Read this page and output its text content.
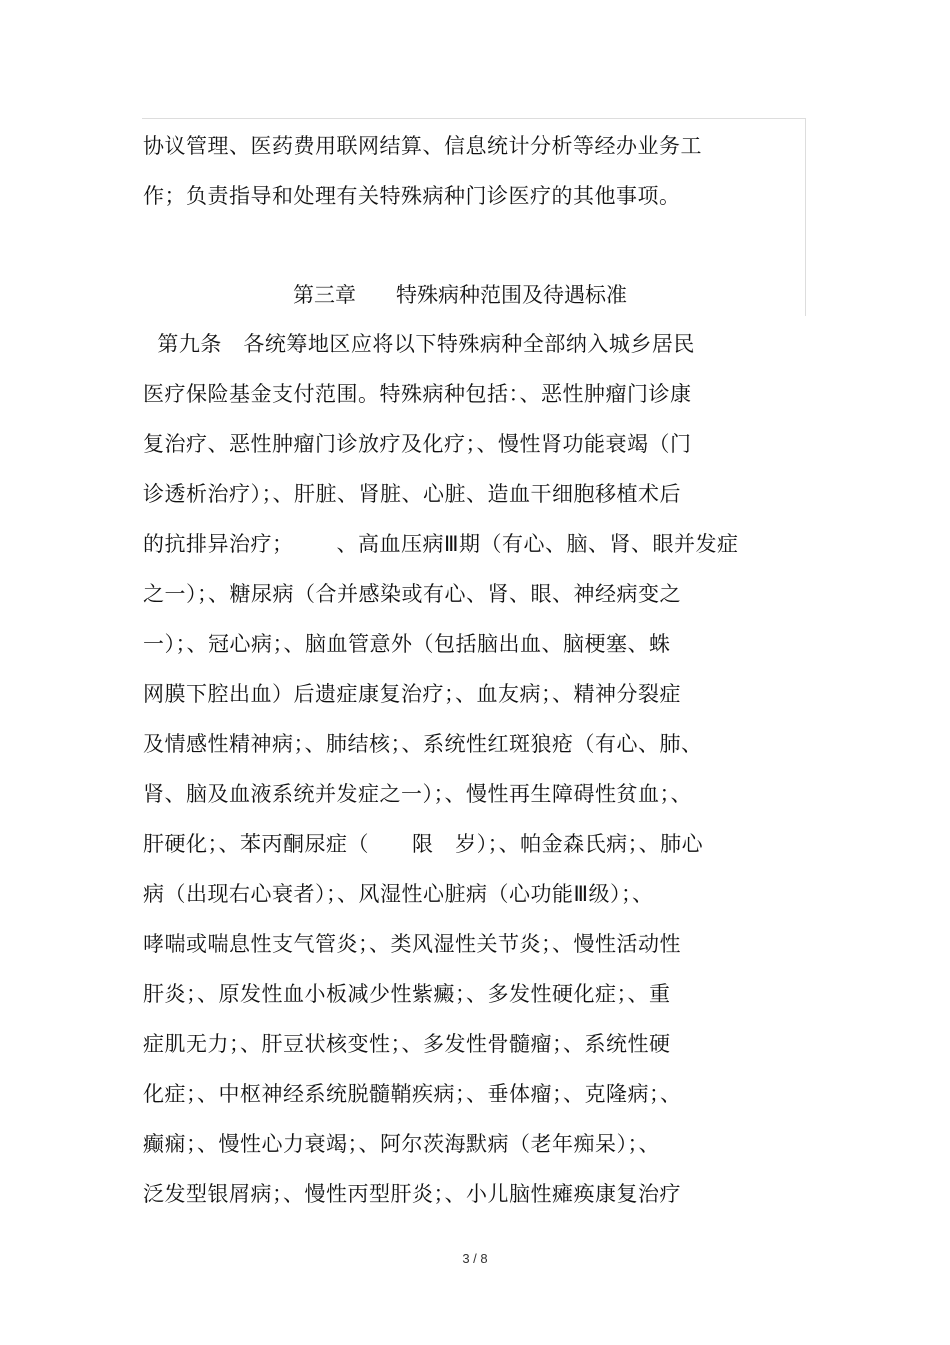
协议管理、医药费用联网结算、信息统计分析等经办业务工
作；负责指导和处理有关特殊病种门诊医疗的其他事项。
第三章      特殊病种范围及待遇标准
第九条   各统筹地区应将以下特殊病种全部纳入城乡居民
医疗保险基金支付范围。特殊病种包括：、恶性肿瘤门诊康
复治疗、恶性肿瘤门诊放疗及化疗；、慢性肾功能衰竭（门
诊透析治疗）；、肝脏、肾脏、心脏、造血干细胞移植术后
的抗排异治疗；      、高血压病Ⅲ期（有心、脑、肾、眼并发症
之一）；、糖尿病（合并感染或有心、肾、眼、神经病变之
一）；、冠心病；、脑血管意外（包括脑出血、脑梗塞、蛛
网膜下腔出血）后遗症康复治疗；、血友病；、精神分裂症
及情感性精神病；、肺结核；、系统性红斑狼疮（有心、肺、
肾、脑及血液系统并发症之一）；、慢性再生障碍性贫血；、
肝硬化；、苯丙酮尿症（      限   岁）；、帕金森氏病；、肺心
病（出现右心衰者）；、风湿性心脏病（心功能Ⅲ级）；、
哮喘或喘息性支气管炎；、类风湿性关节炎；、慢性活动性
肝炎；、原发性血小板减少性紫癜；、多发性硬化症；、重
症肌无力；、肝豆状核变性；、多发性骨髓瘤；、系统性硬
化症；、中枢神经系统脱髓鞘疾病；、垂体瘤；、克隆病；、
癫痫；、慢性心力衰竭；、阿尔茨海默病（老年痴呆）；、
泛发型银屑病；、慢性丙型肝炎；、小儿脑性瘫痪康复治疗
3 / 8
